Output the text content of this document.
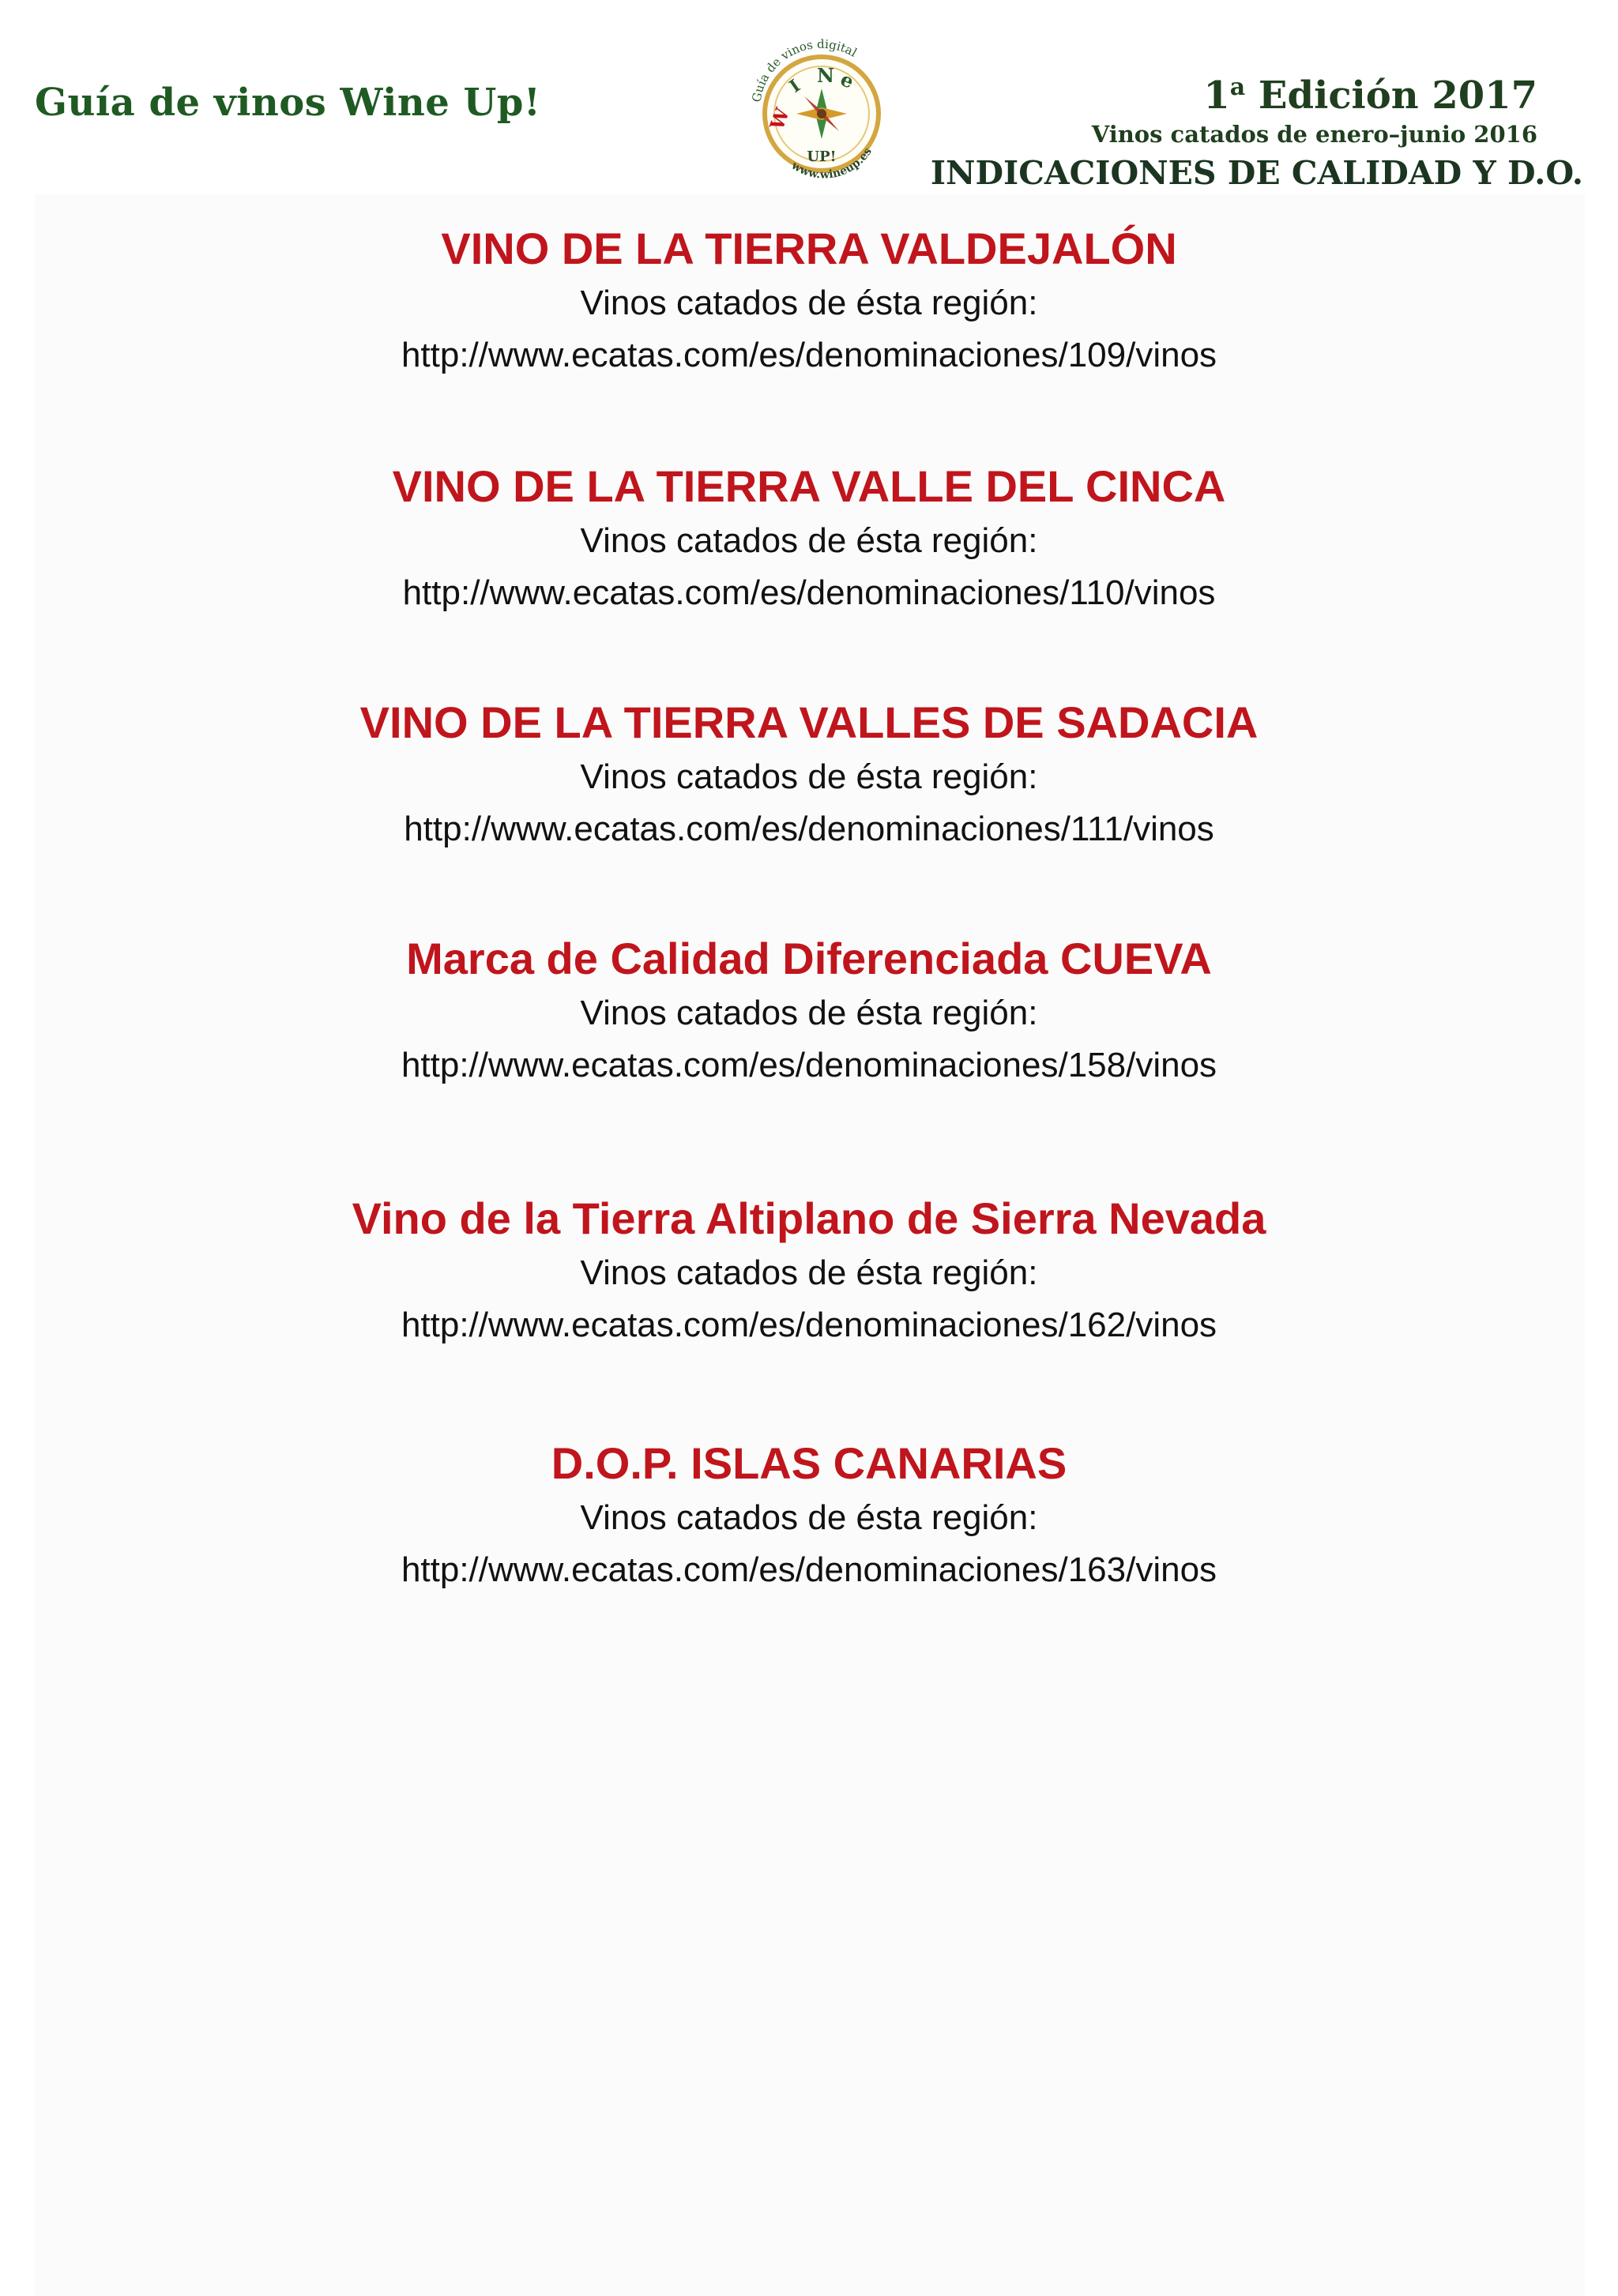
Guía de vinos Wine Up!	Guía de vinos digital
www.wineup.es
W
I N e
UP!
1$^a$ Edición 2017
Vinos catados de enero–junio 2016
INDICACIONES DE CALIDAD Y D.O.
VINO DE LA TIERRA VALDEJALÓN
Vinos catados de ésta región:
http://www.ecatas.com/es/denominaciones/109/vinos
VINO DE LA TIERRA VALLE DEL CINCA
Vinos catados de ésta región:
http://www.ecatas.com/es/denominaciones/110/vinos
VINO DE LA TIERRA VALLES DE SADACIA
Vinos catados de ésta región:
http://www.ecatas.com/es/denominaciones/111/vinos
Marca de Calidad Diferenciada CUEVA
Vinos catados de ésta región:
http://www.ecatas.com/es/denominaciones/158/vinos
Vino de la Tierra Altiplano de Sierra Nevada
Vinos catados de ésta región:
http://www.ecatas.com/es/denominaciones/162/vinos
D.O.P. ISLAS CANARIAS
Vinos catados de ésta región:
http://www.ecatas.com/es/denominaciones/163/vinos
